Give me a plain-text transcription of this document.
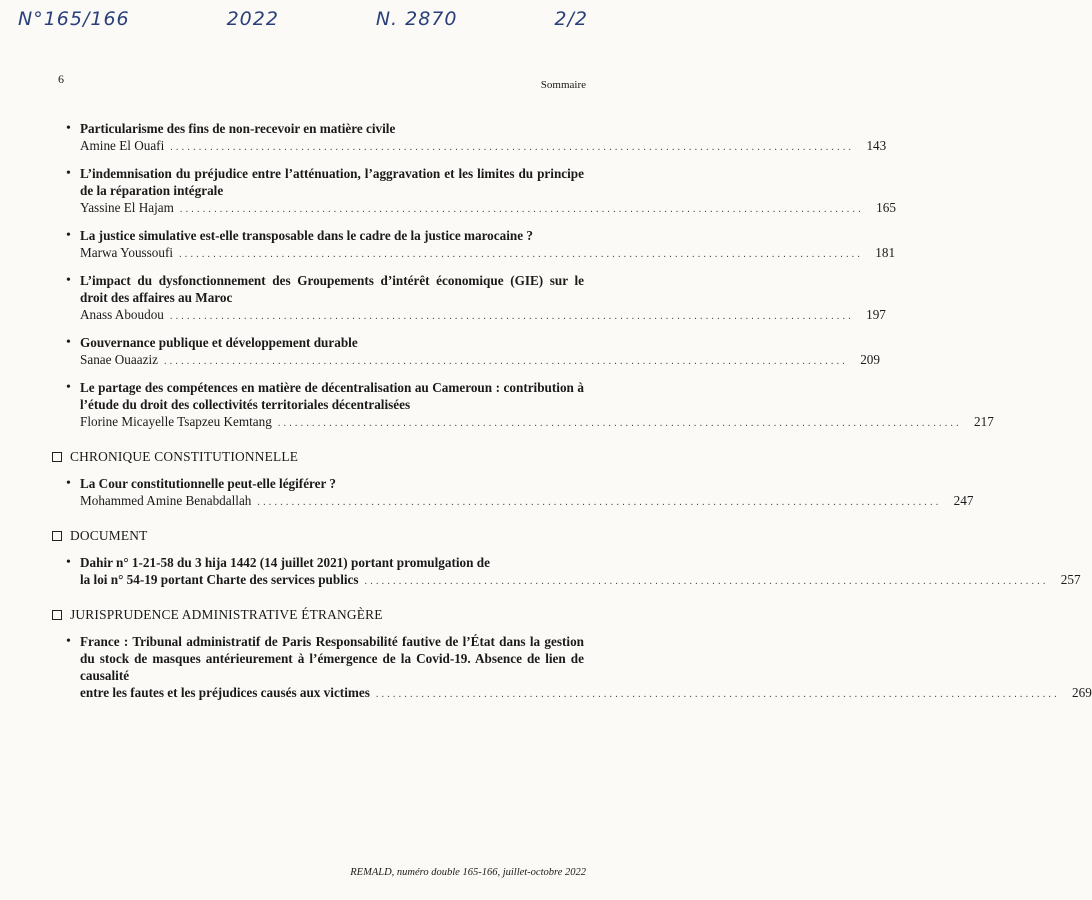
N°165/166	2022	N. 2870	2/2
6	Sommaire
• Particularisme des fins de non-recevoir en matière civile
Amine El Ouafi ........................................................................................................................ 143
• L’indemnisation du préjudice entre l’atténuation, l’aggravation et les limites du principe de la réparation intégrale
Yassine El Hajam ........................................................................................................................ 165
• La justice simulative est-elle transposable dans le cadre de la justice marocaine ?
Marwa Youssoufi ........................................................................................................................ 181
• L’impact du dysfonctionnement des Groupements d’intérêt économique (GIE) sur le droit des affaires au Maroc
Anass Aboudou ........................................................................................................................ 197
• Gouvernance publique et développement durable
Sanae Ouaaziz ........................................................................................................................ 209
• Le partage des compétences en matière de décentralisation au Cameroun : contribution à l’étude du droit des collectivités territoriales décentralisées
Florine Micayelle Tsapzeu Kemtang ........................................................................................................................ 217
CHRONIQUE CONSTITUTIONNELLE
• La Cour constitutionnelle peut-elle légiférer ?
Mohammed Amine Benabdallah ........................................................................................................................ 247
DOCUMENT
• Dahir n° 1-21-58 du 3 hija 1442 (14 juillet 2021) portant promulgation de
la loi n° 54-19 portant Charte des services publics ........................................................................................................................ 257
JURISPRUDENCE ADMINISTRATIVE ÉTRANGÈRE
• France : Tribunal administratif de Paris Responsabilité fautive de l’État dans la gestion du stock de masques antérieurement à l’émergence de la Covid-19. Absence de lien de causalité
entre les fautes et les préjudices causés aux victimes ........................................................................................................................ 269
REMALD, numéro double 165-166, juillet-octobre 2022
